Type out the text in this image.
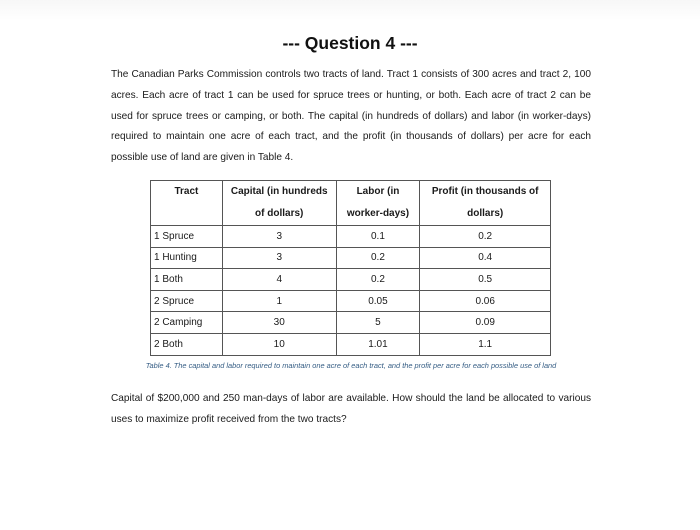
--- Question 4 ---
The Canadian Parks Commission controls two tracts of land. Tract 1 consists of 300 acres and tract 2, 100 acres. Each acre of tract 1 can be used for spruce trees or hunting, or both. Each acre of tract 2 can be used for spruce trees or camping, or both. The capital (in hundreds of dollars) and labor (in worker-days) required to maintain one acre of each tract, and the profit (in thousands of dollars) per acre for each possible use of land are given in Table 4.
Tract	Capital (in hundreds of dollars)	Labor (in worker-days)	Profit (in thousands of dollars)
1 Spruce	3	0.1	0.2
1 Hunting	3	0.2	0.4
1 Both	4	0.2	0.5
2 Spruce	1	0.05	0.06
2 Camping	30	5	0.09
2 Both	10	1.01	1.1
Table 4. The capital and labor required to maintain one acre of each tract, and the profit per acre for each possible use of land
Capital of $200,000 and 250 man-days of labor are available. How should the land be allocated to various uses to maximize profit received from the two tracts?
